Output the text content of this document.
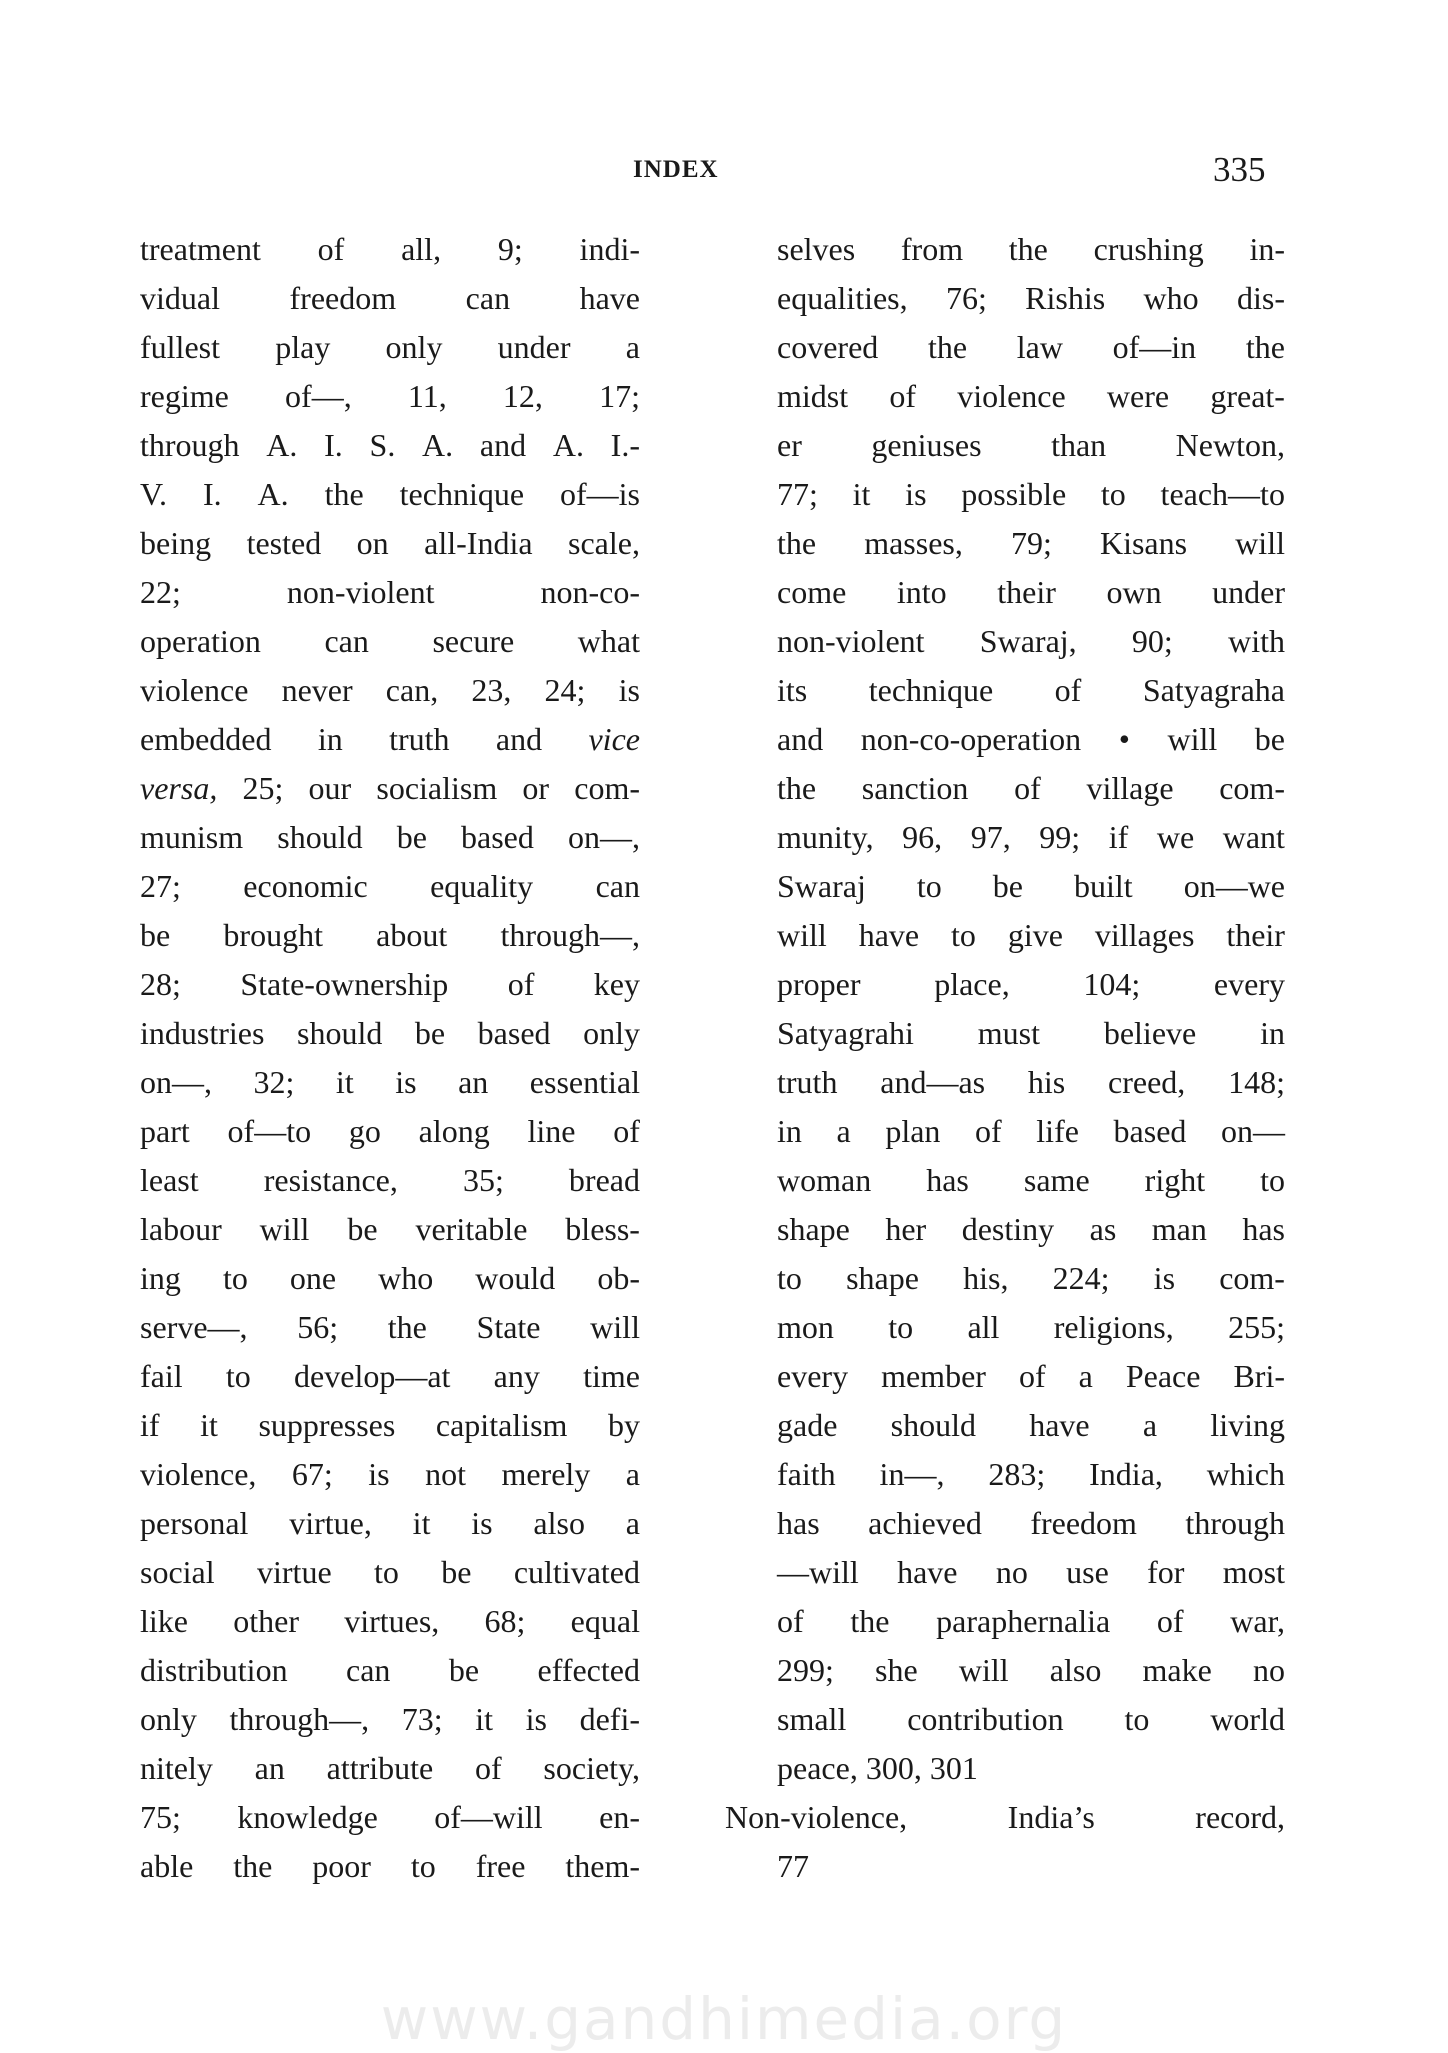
INDEX	335
treatment of all, 9; indi-
vidual freedom can have
fullest play only under a
regime of—, 11, 12, 17;
through A. I. S. A. and A. I.-
V. I. A. the technique of—is
being tested on all-India scale,
22;	non-violent	non-co-
operation can secure what
violence never can, 23, 24; is
embedded in truth and vice
versa, 25; our socialism or com-
munism should be based on—,
27; economic equality can
be brought about through—,
28; State-ownership of key
industries should be based only
on—, 32; it is an essential
part of—to go along line of
least resistance, 35; bread
labour will be veritable bless-
ing to one who would ob-
serve—, 56; the State will
fail to develop—at any time
if it suppresses capitalism by
violence, 67; is not merely a
personal virtue, it is also a
social virtue to be cultivated
like other virtues, 68; equal
distribution can be effected
only through—, 73; it is defi-
nitely an attribute of society,
75; knowledge of—will en-
able the poor to free them-
selves from the crushing in-
equalities, 76; Rishis who dis-
covered the law of—in the
midst of violence were great-
er geniuses than Newton,
77; it is possible to teach—to
the masses, 79; Kisans will
come into their own under
non-violent Swaraj, 90; with
its technique of Satyagraha
and non-co-operation • will be
the sanction of village com-
munity, 96, 97, 99; if we want
Swaraj to be built on—we
will have to give villages their
proper place, 104; every
Satyagrahi must believe in
truth and—as his creed, 148;
in a plan of life based on—
woman has same right to
shape her destiny as man has
to shape his, 224; is com-
mon to all religions, 255;
every member of a Peace Bri-
gade should have a living
faith in—, 283; India, which
has achieved freedom through
—will have no use for most
of the paraphernalia of war,
299; she will also make no
small contribution to world
peace, 300, 301
Non-violence,	India’s	record,
77
www.gandhimedia.org
